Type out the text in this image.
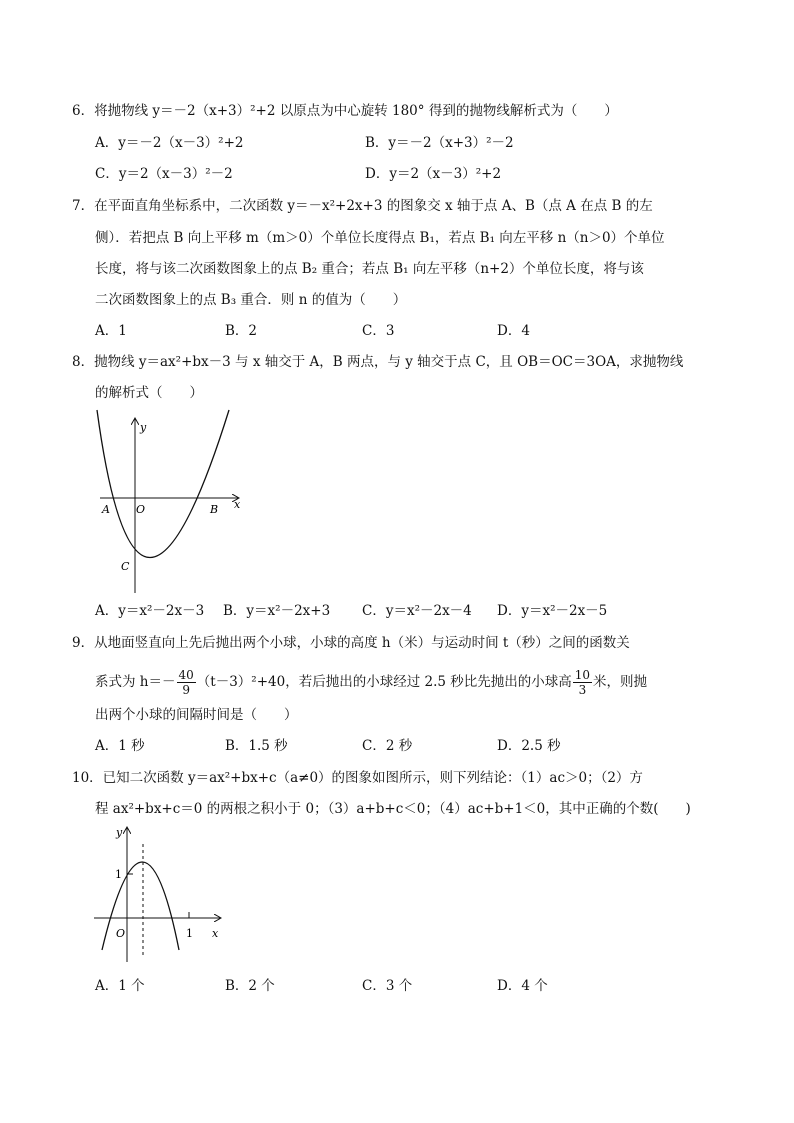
6．将抛物线 y＝－2（x+3）²+2 以原点为中心旋转 180° 得到的抛物线解析式为（　　）
A．y＝－2（x－3）²+2	B．y＝－2（x+3）²－2
C．y＝2（x－3）²－2	D．y＝2（x－3）²+2
7．在平面直角坐标系中，二次函数 y＝－x²+2x+3 的图象交 x 轴于点 A、B（点 A 在点 B 的左
侧）．若把点 B 向上平移 m（m＞0）个单位长度得点 B₁，若点 B₁ 向左平移 n（n＞0）个单位
长度，将与该二次函数图象上的点 B₂ 重合；若点 B₁ 向左平移（n+2）个单位长度，将与该
二次函数图象上的点 B₃ 重合．则 n 的值为（　　）
A．1	B．2	C．3	D．4
8．抛物线 y＝ax²+bx－3 与 x 轴交于 A，B 两点，与 y 轴交于点 C，且 OB＝OC＝3OA，求抛物线
的解析式（　　）
y
x
O
A	B
C
A．y＝x²－2x－3 B．y＝x²－2x+3 C．y＝x²－2x－4 D．y＝x²－2x－5
9．从地面竖直向上先后抛出两个小球，小球的高度 h（米）与运动时间 t（秒）之间的函数关
系式为 $h=- \frac{40}{9} (t-3)^2+40$，若后抛出的小球经过 2.5 秒比先抛出的小球高 $\frac{10}{3}$ 米，则抛
出两个小球的间隔时间是（　　）
A．1 秒	B．1.5 秒	C．2 秒	D．2.5 秒
10．已知二次函数 y＝ax²+bx+c（a≠0）的图象如图所示，则下列结论：（1）ac＞0；（2）方
程 ax²+bx+c＝0 的两根之积小于 0；（3）a+b+c＜0；（4）ac+b+1＜0，其中正确的个数(　　)
y
1
O	1 x
A．1 个	B．2 个	C．3 个	D．4 个
